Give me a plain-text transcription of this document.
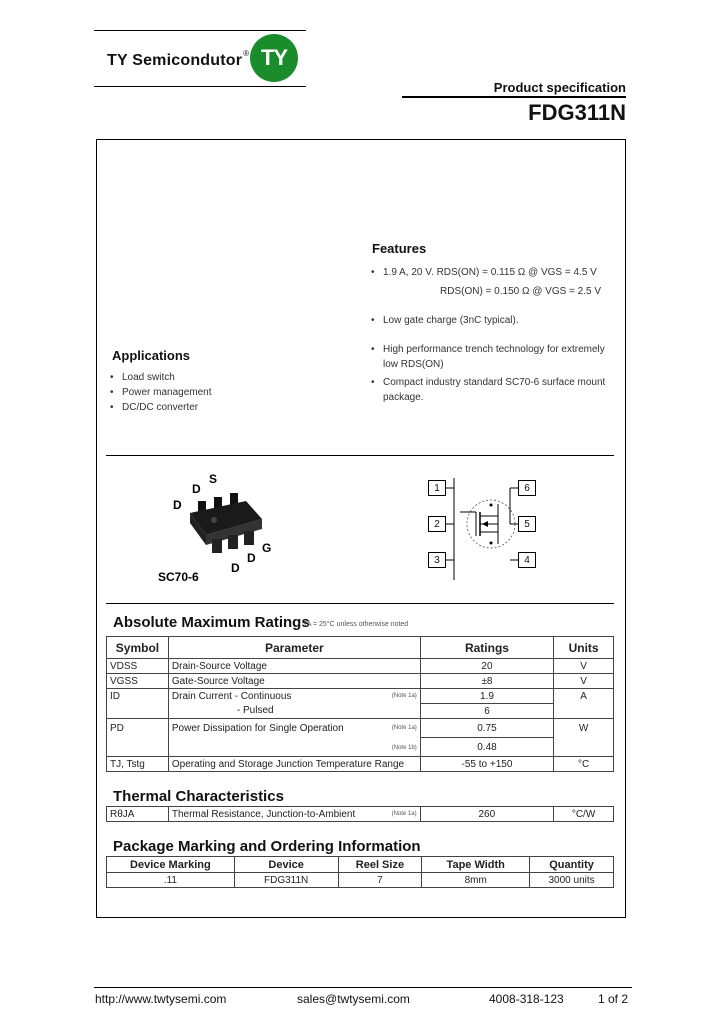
TY Semicondutor® TY
Product specification
FDG311N
Features
• 1.9 A, 20 V. RDS(ON) = 0.115 Ω @ VGS = 4.5 V
RDS(ON) = 0.150 Ω @ VGS = 2.5 V
• Low gate charge (3nC typical).
• High performance trench technology for extremely low RDS(ON)
• Compact industry standard SC70-6 surface mount package.
Applications
• Load switch
• Power management
• DC/DC converter
D
D
S
D
D
G
SC70-6
1
2
3
6
5
4
Absolute Maximum Ratings
TA = 25°C unless otherwise noted
Symbol	Parameter	Ratings	Units
VDSS	Drain-Source Voltage	20	V
VGSS	Gate-Source Voltage	±8	V
ID	Drain Current - Continuous (Note 1a)	1.9	A
	- Pulsed	6	
PD	Power Dissipation for Single Operation (Note 1a)	0.75	W

	(Note 1b)	0.48	
TJ, Tstg	Operating and Storage Junction Temperature Range	-55 to +150	°C
Thermal Characteristics
RθJA	Thermal Resistance, Junction-to-Ambient	(Note 1a)	260	°C/W
Package Marking and Ordering Information
Device Marking	Device	Reel Size	Tape Width	Quantity
.11	FDG311N	7	8mm	3000 units
http://www.twtysemi.com	sales@twtysemi.com	4008-318-123	1 of 2
